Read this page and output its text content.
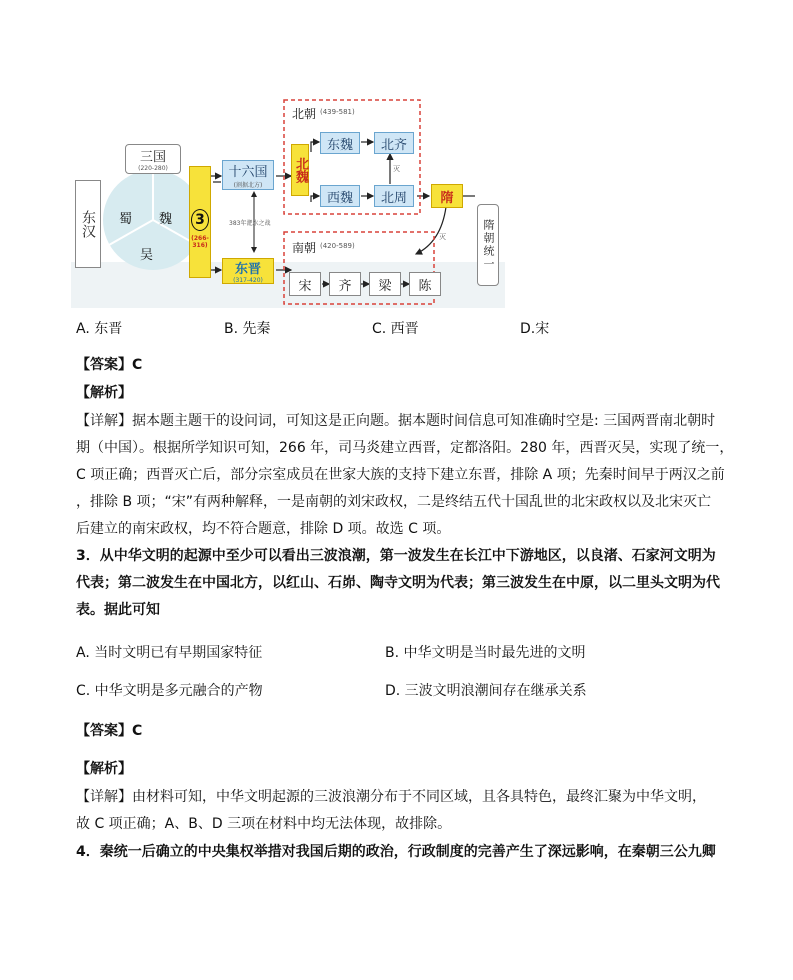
东汉
三国
(220-280)
蜀 魏
吴
3
(266-316)
十六国
(割据北方)
383年淝水之战
东晋
(317-420)
北朝 (439-581)
北魏
东魏 北齐
西魏 北周
灭
隋
灭	隋朝统一
南朝 (420-589)
宋 齐 梁 陈
A. 东晋	B. 先秦	C. 西晋	D.宋
【答案】C
【解析】
【详解】据本题主题干的设问词，可知这是正向题。据本题时间信息可知准确时空是: 三国两晋南北朝时
期（中国）。根据所学知识可知，266 年，司马炎建立西晋，定都洛阳。280 年，西晋灭吴，实现了统一，
C 项正确；西晋灭亡后，部分宗室成员在世家大族的支持下建立东晋，排除 A 项；先秦时间早于两汉之前
，排除 B 项；“宋”有两种解释，一是南朝的刘宋政权，二是终结五代十国乱世的北宋政权以及北宋灭亡
后建立的南宋政权，均不符合题意，排除 D 项。故选 C 项。
3．从中华文明的起源中至少可以看出三波浪潮，第一波发生在长江中下游地区，以良渚、石家河文明为
代表；第二波发生在中国北方，以红山、石峁、陶寺文明为代表；第三波发生在中原，以二里头文明为代
表。据此可知
A. 当时文明已有早期国家特征	B. 中华文明是当时最先进的文明
C. 中华文明是多元融合的产物	D. 三波文明浪潮间存在继承关系
【答案】C
【解析】
【详解】由材料可知，中华文明起源的三波浪潮分布于不同区域，且各具特色，最终汇聚为中华文明，
故 C 项正确；A、B、D 三项在材料中均无法体现，故排除。
4．秦统一后确立的中央集权举措对我国后期的政治，行政制度的完善产生了深远影响，在秦朝三公九卿
